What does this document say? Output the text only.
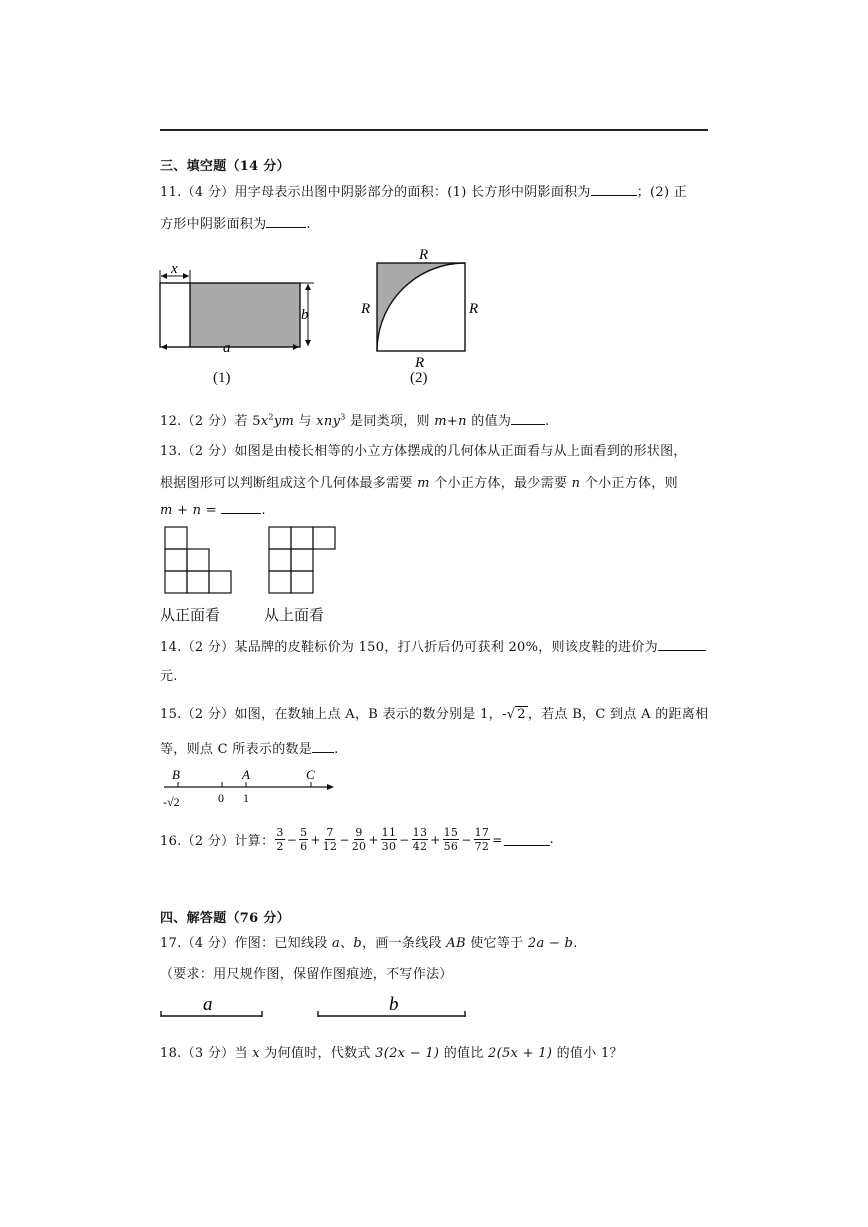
三、填空题（14 分）
11.（4 分）用字母表示出图中阴影部分的面积：(1) 长方形中阴影面积为	；(2) 正
方形中阴影面积为	.
x
b
a
(1)
R
R	R
R
(2)
12.（2 分）若 $5x^2ym$ 与 xny$^3$ 是同类项，则 m+n 的值为	.
13.（2 分）如图是由棱长相等的小立方体摆成的几何体从正面看与从上面看到的形状图，
根据图形可以判断组成这个几何体最多需要 m 个小正方体，最少需要 n 个小正方体，则
m + n =	.
从正面看	从上面看
14.（2 分）某品牌的皮鞋标价为 150，打八折后仍可获利 20%，则该皮鞋的进价为
元.
15.（2 分）如图，在数轴上点 A，B 表示的数分别是 1，-√ 2 ，若点 B，C 到点 A 的距离相
等，则点 C 所表示的数是 .
B	A	C
0 1
-√2
16.（2 分）计算： $\frac{3}{2} - \frac{5}{6} + \frac{7}{12} - \frac{9}{20} + \frac{11}{30} - \frac{13}{42} + \frac{15}{56} - \frac{17}{72}$ =	.
四、解答题（76 分）
17.（4 分）作图：已知线段 a、b，画一条线段 AB 使它等于 2a − b.
（要求：用尺规作图，保留作图痕迹，不写作法）
a	b
18.（3 分）当 x 为何值时，代数式 3(2x − 1) 的值比 2(5x + 1) 的值小 1？
